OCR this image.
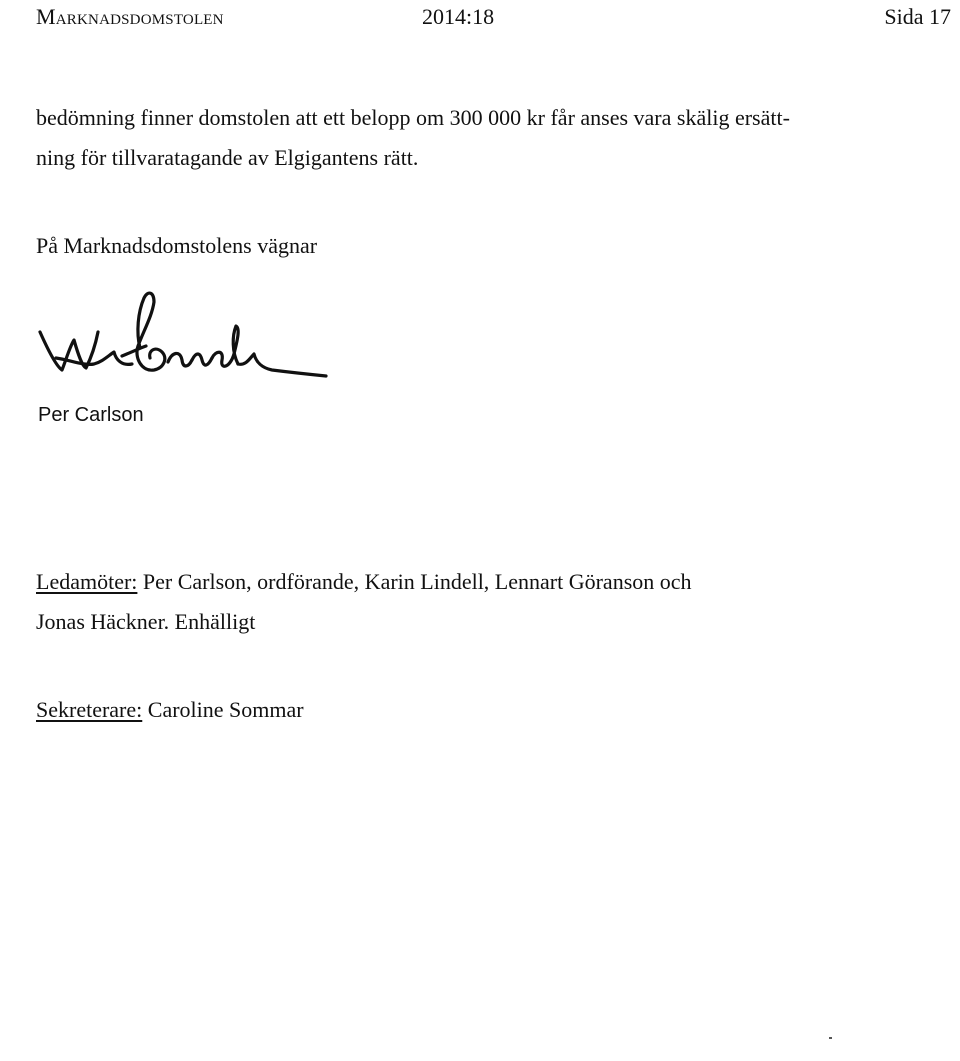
Marknadsdomstolen	2014:18	Sida 17
bedömning finner domstolen att ett belopp om 300 000 kr får anses vara skälig ersätt-
ning för tillvaratagande av Elgigantens rätt.
På Marknadsdomstolens vägnar
Per Carlson
Ledamöter: Per Carlson, ordförande, Karin Lindell, Lennart Göranson och
Jonas Häckner. Enhälligt
Sekreterare: Caroline Sommar
